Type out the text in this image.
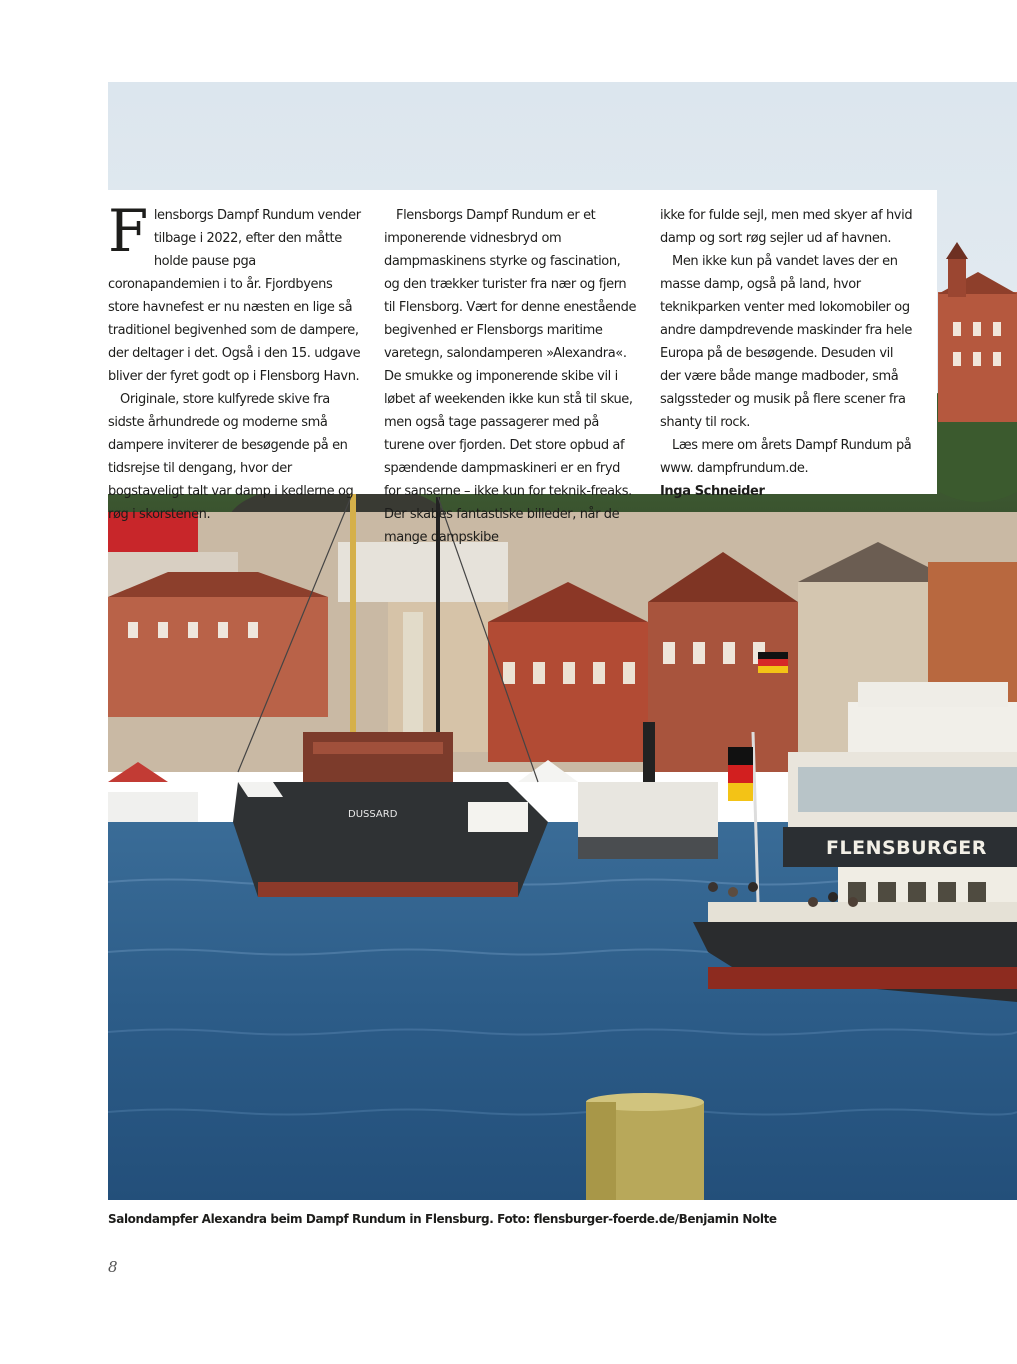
DUSSARD
FLENSBURGER

Flensborgs Dampf Rundum vender tilbage i 2022, efter den måtte holde pause pga coronapandemien i to år. Fjordbyens store havnefest er nu næsten en lige så traditionel begivenhed som de dampere, der deltager i det. Også i den 15. udgave bliver der fyret godt op i Flensborg Havn.

Originale, store kulfyrede skive fra sidste århundrede og moderne små dampere inviterer de besøgende på en tidsrejse til dengang, hvor der bogstaveligt talt var damp i kedlerne og røg i skorstenen.

Flensborgs Dampf Rundum er et imponerende vidnesbryd om dampmaskinens styrke og fascination, og den trækker turister fra nær og fjern til Flensborg. Vært for denne enestående begivenhed er Flensborgs maritime varetegn, salondamperen »Alexandra«. De smukke og imponerende skibe vil i løbet af weekenden ikke kun stå til skue, men også tage passagerer med på turene over fjorden. Det store opbud af spændende dampmaskineri er en fryd for sanserne – ikke kun for teknik-freaks. Der skabes fantastiske billeder, når de mange dampskibe

ikke for fulde sejl, men med skyer af hvid damp og sort røg sejler ud af havnen.

Men ikke kun på vandet laves der en masse damp, også på land, hvor teknikparken venter med lokomobiler og andre dampdrevende maskinder fra hele Europa på de besøgende. Desuden vil der være både mange madboder, små salgssteder og musik på flere scener fra shanty til rock.

Læs mere om årets Dampf Rundum på www. dampfrundum.de.

Inga Schneider

Salondampfer Alexandra beim Dampf Rundum in Flensburg. Foto: flensburger-foerde.de/Benjamin Nolte
8
